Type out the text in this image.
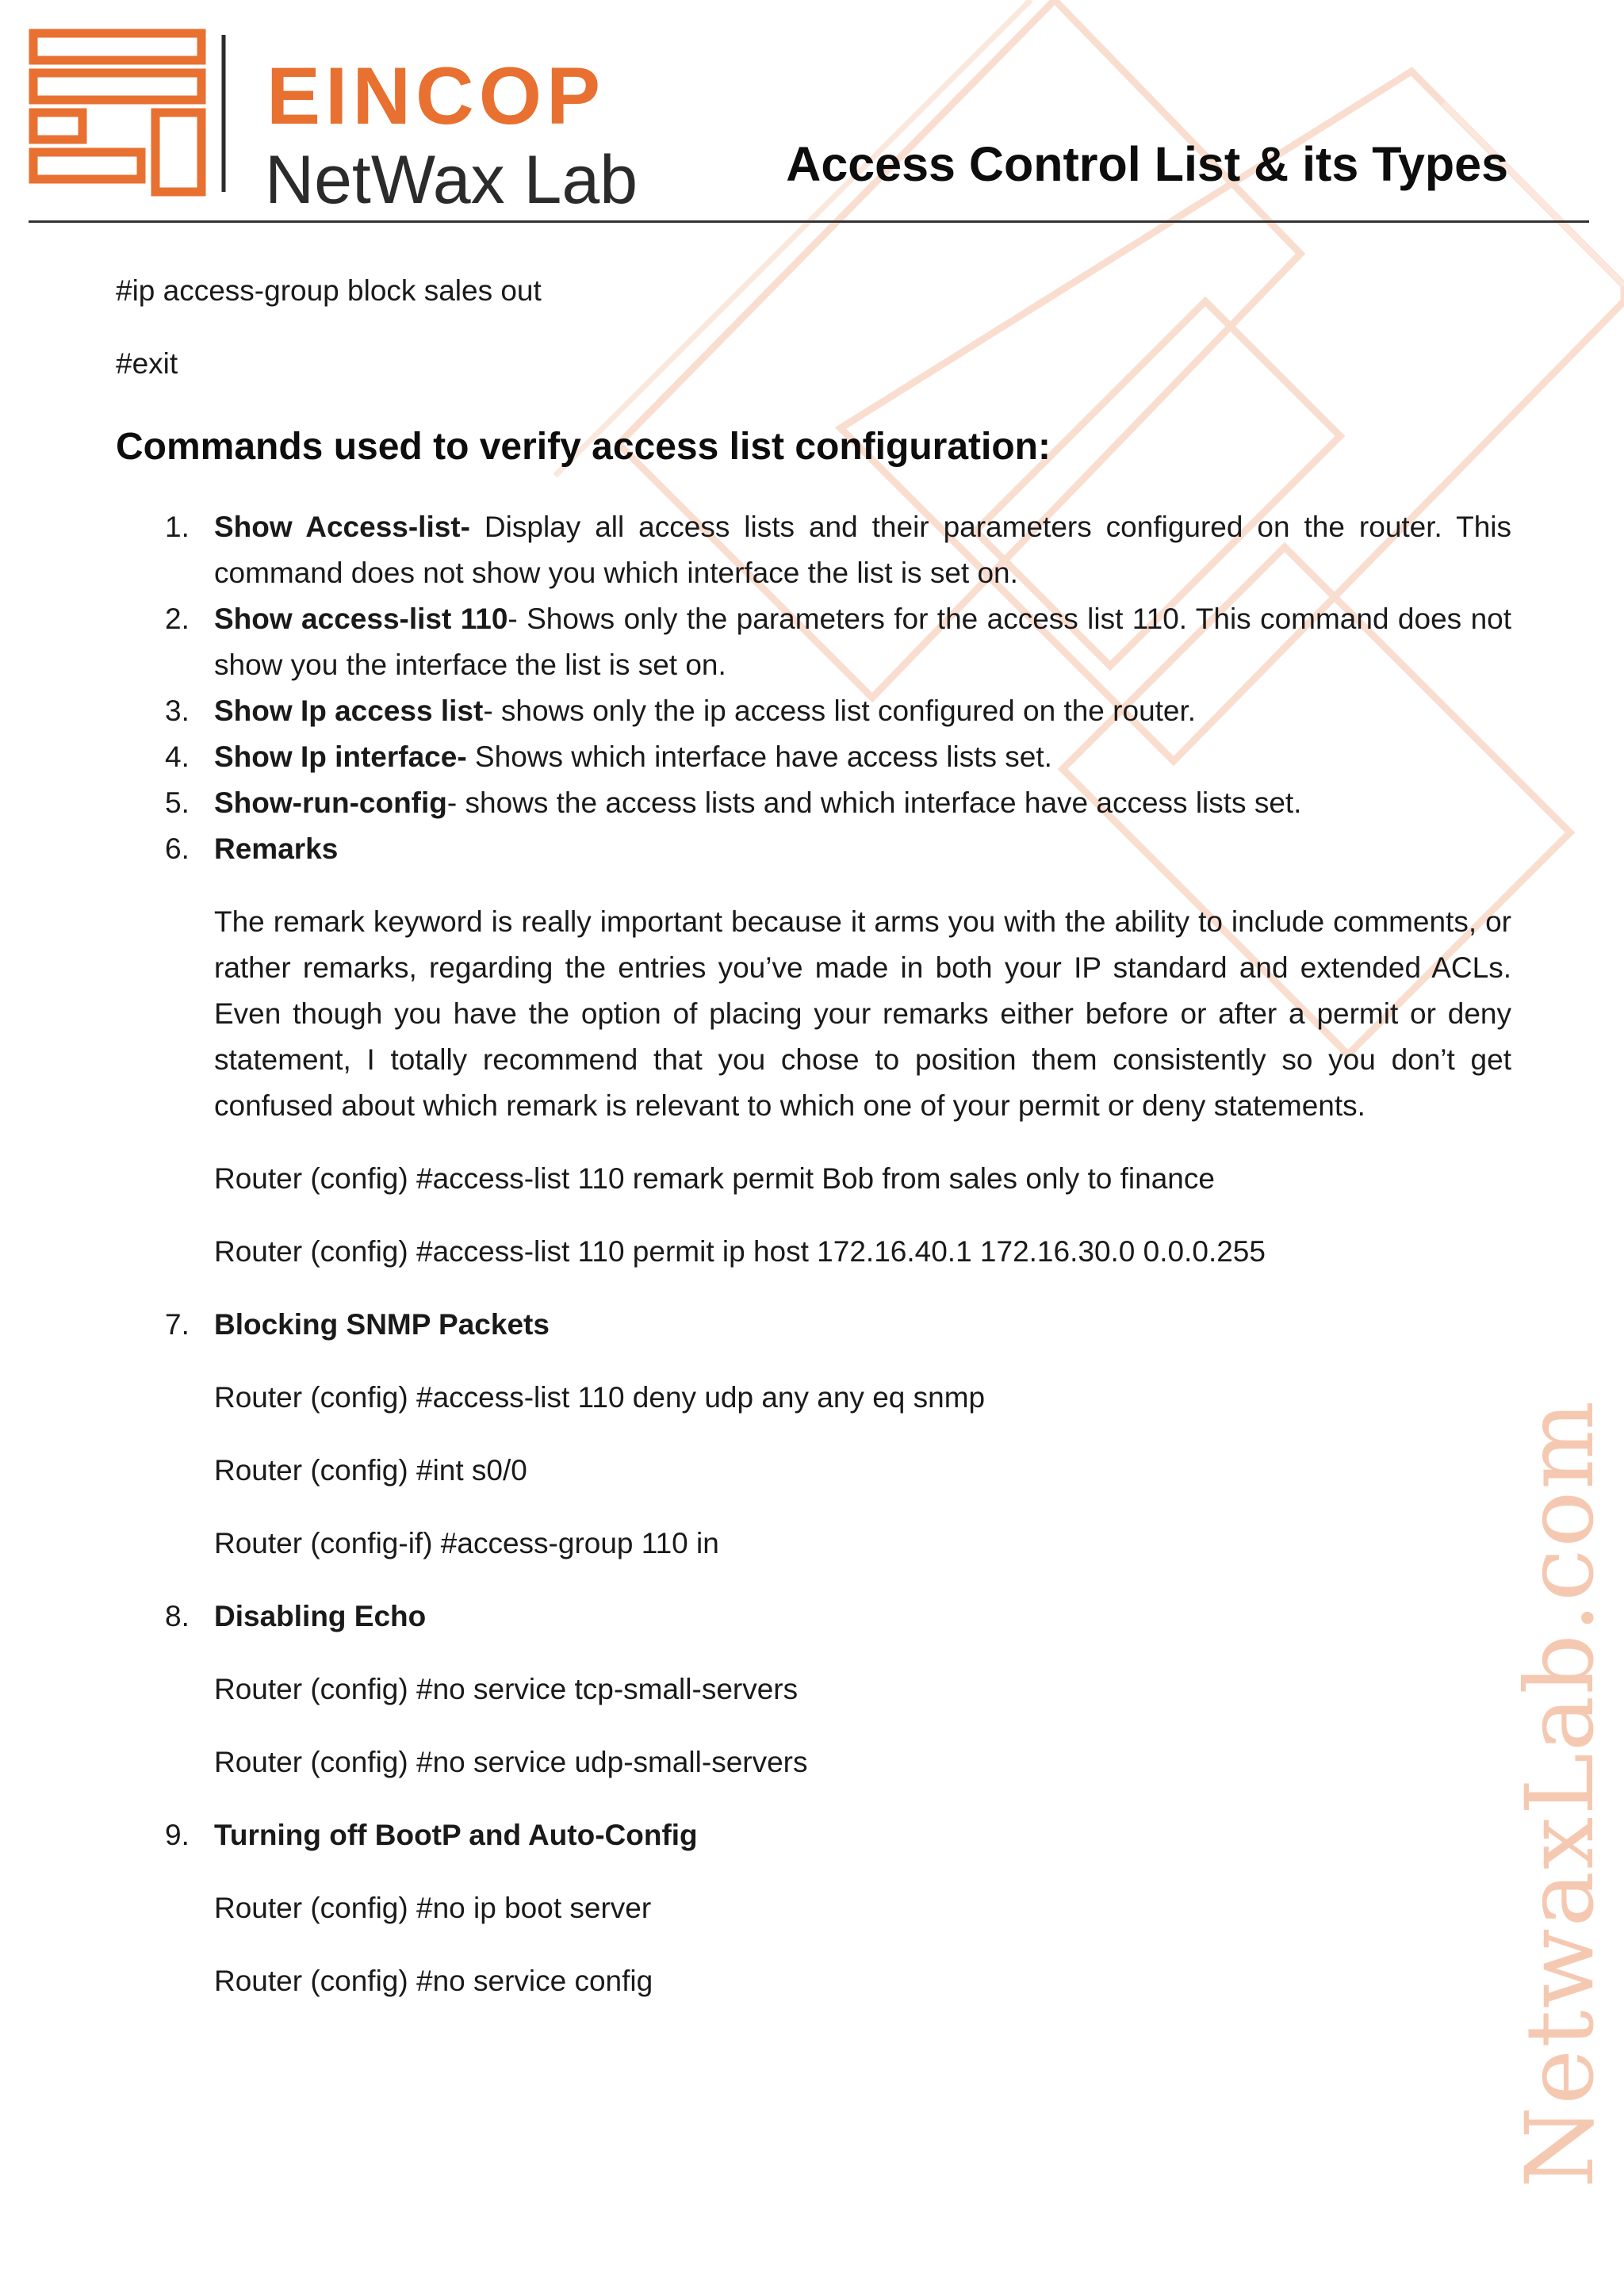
EINCOP
NetWax Lab	Access Control List & its Types
#ip access-group block sales out
#exit
Commands used to verify access list configuration:
1. Show Access-list- Display all access lists and their parameters configured on the router. This command does not show you which interface the list is set on.
2. Show access-list 110- Shows only the parameters for the access list 110. This command does not show you the interface the list is set on.
3. Show Ip access list- shows only the ip access list configured on the router.
4. Show Ip interface- Shows which interface have access lists set.
5. Show-run-config- shows the access lists and which interface have access lists set.
6. Remarks
The remark keyword is really important because it arms you with the ability to include comments, or rather remarks, regarding the entries you’ve made in both your IP standard and extended ACLs. Even though you have the option of placing your remarks either before or after a permit or deny statement, I totally recommend that you chose to position them consistently so you don’t get confused about which remark is relevant to which one of your permit or deny statements.
Router (config) #access-list 110 remark permit Bob from sales only to finance
Router (config) #access-list 110 permit ip host 172.16.40.1 172.16.30.0 0.0.0.255
7. Blocking SNMP Packets
Router (config) #access-list 110 deny udp any any eq snmp
Router (config) #int s0/0
Router (config-if) #access-group 110 in
8. Disabling Echo
Router (config) #no service tcp-small-servers
Router (config) #no service udp-small-servers
9. Turning off BootP and Auto-Config
Router (config) #no ip boot server
Router (config) #no service config	NetwaxLab.com
